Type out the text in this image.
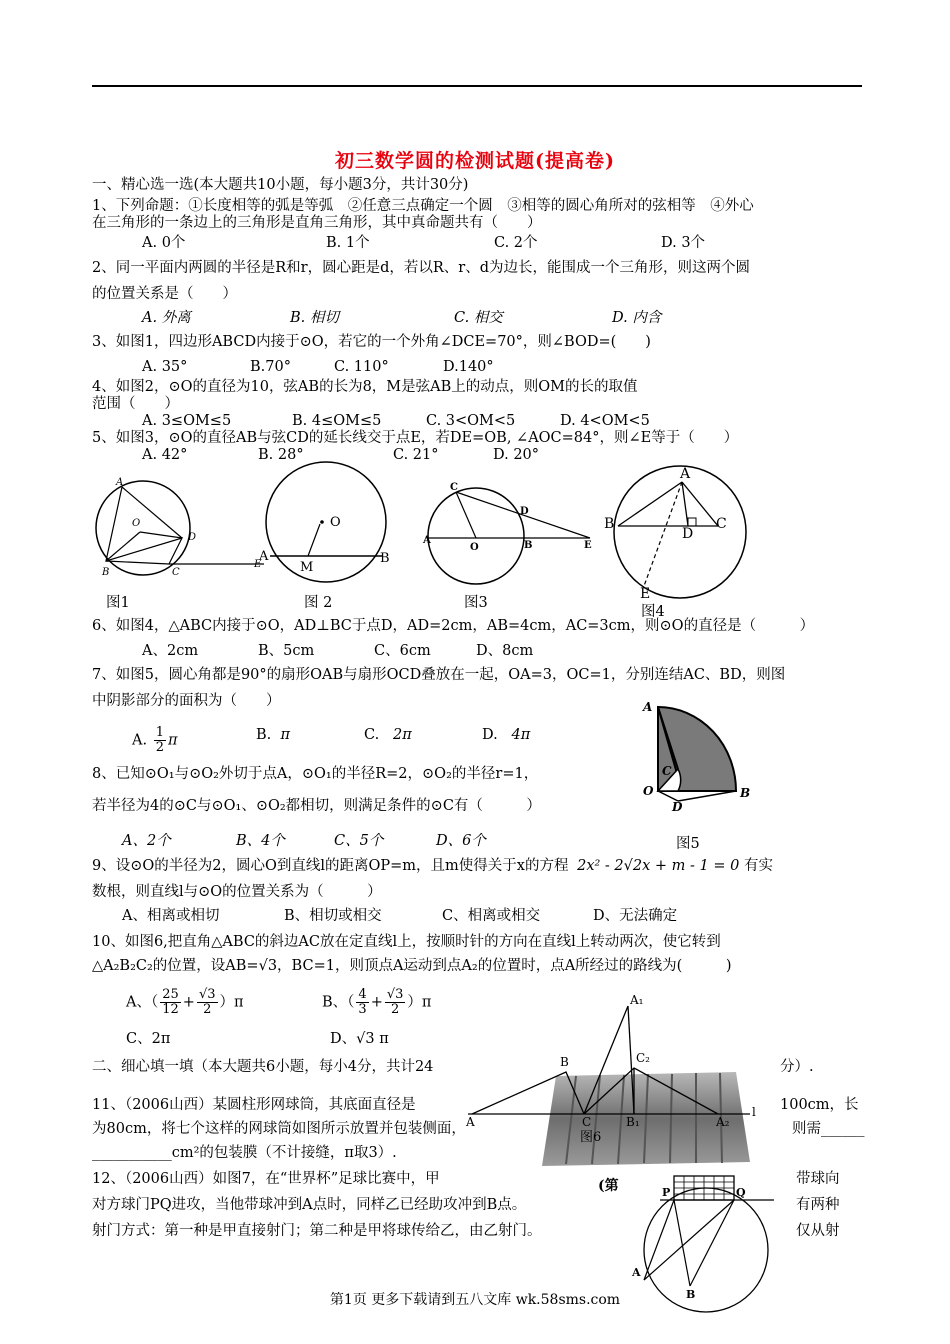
初三数学圆的检测试题(提高卷)
一、精心选一选(本大题共10小题，每小题3分，共计30分)
1、下列命题：①长度相等的弧是等弧　②任意三点确定一个圆　③相等的圆心角所对的弦相等　④外心
在三角形的一条边上的三角形是直角三角形，其中真命题共有（　　）
A. 0个	B. 1个	C. 2个	D. 3个
2、同一平面内两圆的半径是R和r，圆心距是d，若以R、r、d为边长，能围成一个三角形，则这两个圆
的位置关系是（　　）
A. 外离	B. 相切	C. 相交	D. 内含
3、如图1，四边形ABCD内接于⊙O，若它的一个外角∠DCE=70°，则∠BOD=(　　)
A. 35°	B.70°	C. 110°	D.140°
4、如图2，⊙O的直径为10，弦AB的长为8，M是弦AB上的动点，则OM的长的取值
范围（　　）
A. 3≤OM≤5	B. 4≤OM≤5	C. 3<OM<5	D. 4<OM<5
5、如图3，⊙O的直径AB与弦CD的延长线交于点E，若DE=OB, ∠AOC=84°，则∠E等于（　　）
A. 42°	B. 28°	C. 21°	D. 20°
A
O
D
B	C
E
图1
O
A
M
B
图 2
C
D
A
O	B	E
图3
A
B
D
C
E
图4
6、如图4，△ABC内接于⊙O，AD⊥BC于点D，AD=2cm，AB=4cm，AC=3cm，则⊙O的直径是（　　　）
A、2cm	B、5cm	C、6cm	D、8cm
7、如图5，圆心角都是90°的扇形OAB与扇形OCD叠放在一起，OA=3，OC=1，分别连结AC、BD，则图
中阴影部分的面积为（　　）
A. $\frac{1}{2}$ π	B. π	C. 2π	D. 4π
A
C
O
D
B
图5
8、已知⊙O₁与⊙O₂外切于点A，⊙O₁的半径R=2，⊙O₂的半径r=1，
若半径为4的⊙C与⊙O₁、⊙O₂都相切，则满足条件的⊙C有（　　　）
A、2个	B、4个	C、5个	D、6个
9、设⊙O的半径为2，圆心O到直线l的距离OP=m，且m使得关于x的方程 2x² - 2√2x + m - 1 = 0 有实
数根，则直线l与⊙O的位置关系为（　　　）
A、相离或相切	B、相切或相交	C、相离或相交	D、无法确定
10、如图6,把直角△ABC的斜边AC放在定直线l上，按顺时针的方向在直线l上转动两次，使它转到
△A₂B₂C₂的位置，设AB=√3，BC=1，则顶点A运动到点A₂的位置时，点A所经过的路线为(　　　)
A、（ $\frac{25}{12} + \frac{√3}{2} )\pi$	B、（ $\frac{4}{3} + \frac{√3}{2} )\pi$
C、2π	D、√3 π
A₁
B	C₂
A	C	B₁	A₂
l
图6
二、细心填一填（本大题共6小题，每小4分，共计24	分）.
11、（2006山西）某圆柱形网球筒，其底面直径是	100cm，长
为80cm，将七个这样的网球筒如图所示放置并包装侧面，	则需______
___________cm²的包装膜（不计接缝，π取3）.
12、（2006山西）如图7，在“世界杯”足球比赛中，甲	带球向
对方球门PQ进攻，当他带球冲到A点时，同样乙已经助攻冲到B点。	有两种
射门方式：第一种是甲直接射门；第二种是甲将球传给乙，由乙射门。	仅从射
(第	P	Q
A
B
第1页 更多下载请到五八文库 wk.58sms.com
